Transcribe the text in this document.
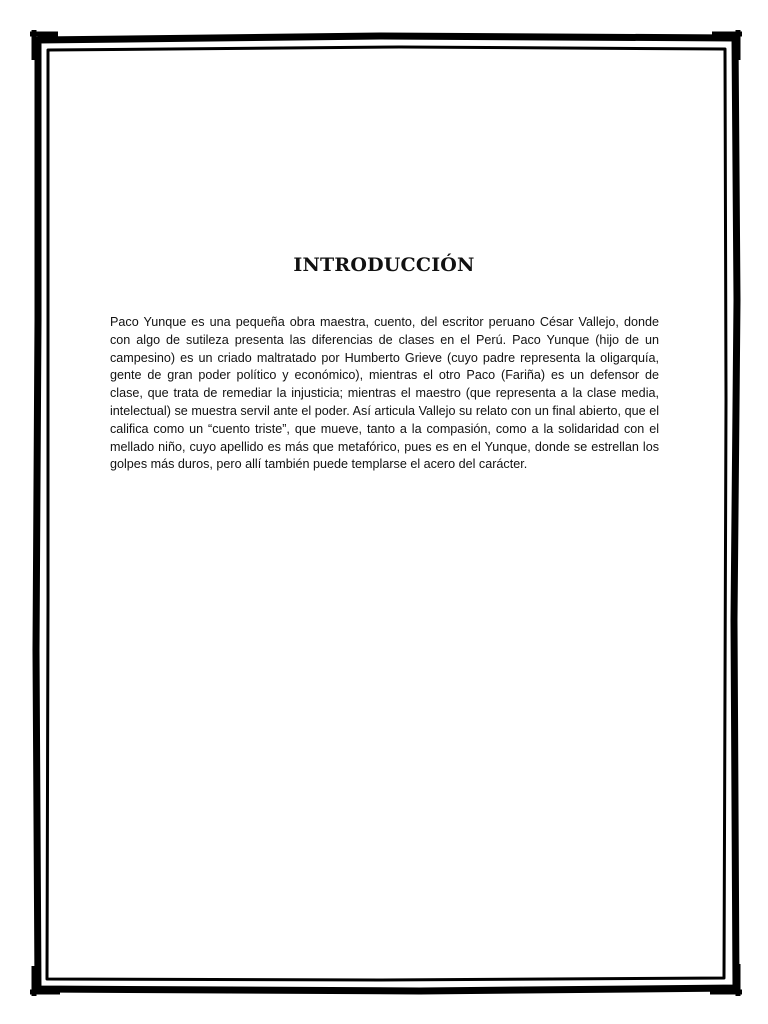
INTRODUCCIÓN

Paco Yunque es una pequeña obra maestra, cuento, del escritor peruano César Vallejo, donde con algo de sutileza presenta las diferencias de clases en el Perú. Paco Yunque (hijo de un campesino) es un criado maltratado por Humberto Grieve (cuyo padre representa la oligarquía, gente de gran poder político y económico), mientras el otro Paco (Fariña) es un defensor de clase, que trata de remediar la injusticia; mientras el maestro (que representa a la clase media, intelectual) se muestra servil ante el poder. Así articula Vallejo su relato con un final abierto, que el califica como un “cuento triste”, que mueve, tanto a la compasión, como a la solidaridad con el mellado niño, cuyo apellido es más que metafórico, pues es en el Yunque, donde se estrellan los golpes más duros, pero allí también puede templarse el acero del carácter.
